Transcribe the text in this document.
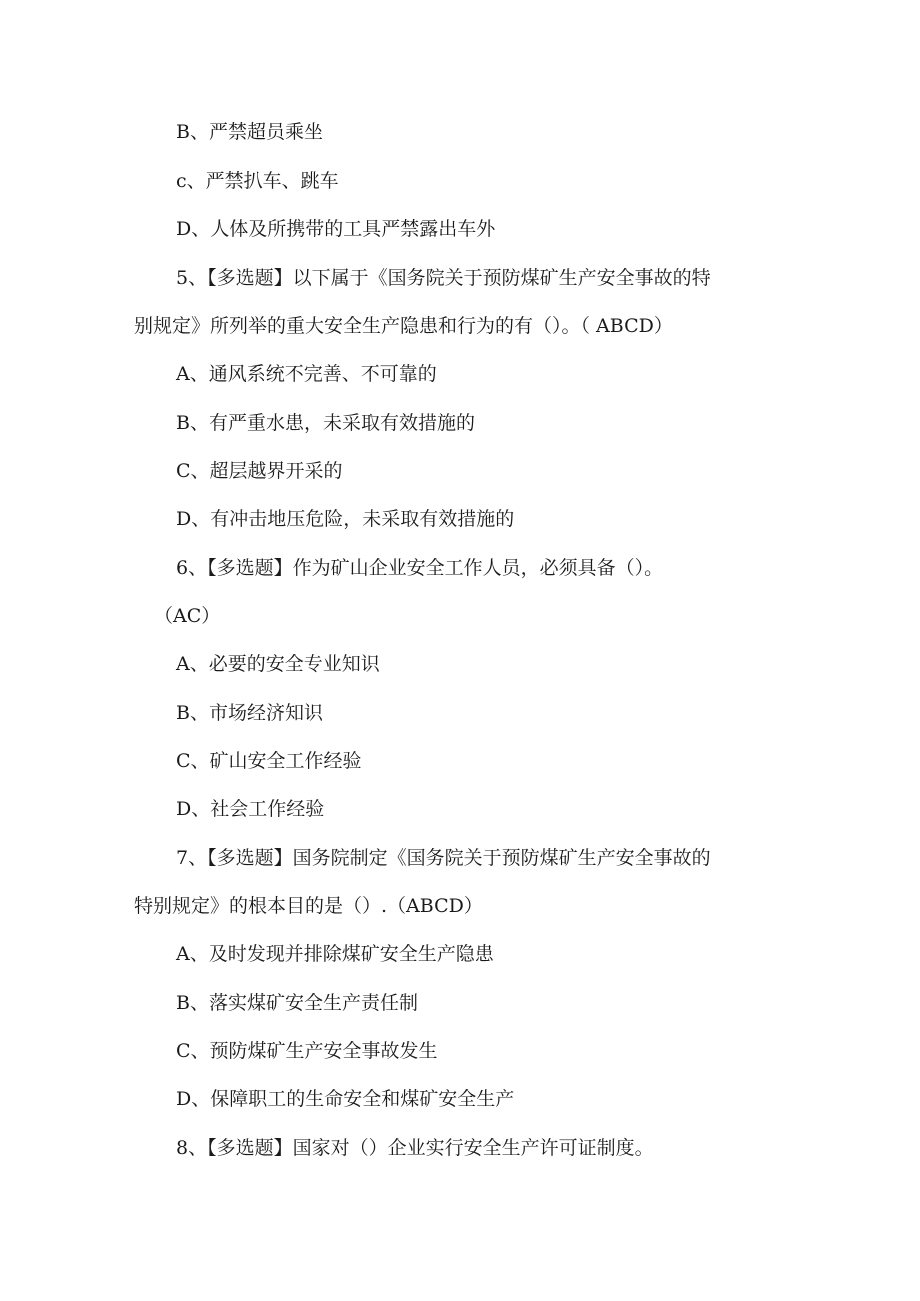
B、严禁超员乘坐
c、严禁扒车、跳车
D、人体及所携带的工具严禁露出车外
5、【多选题】以下属于《国务院关于预防煤矿生产安全事故的特
别规定》所列举的重大安全生产隐患和行为的有（）。（ ABCD）
A、通风系统不完善、不可靠的
B、有严重水患，未采取有效措施的
C、超层越界开采的
D、有冲击地压危险，未采取有效措施的
6、【多选题】作为矿山企业安全工作人员，必须具备（）。
（AC）
A、必要的安全专业知识
B、市场经济知识
C、矿山安全工作经验
D、社会工作经验
7、【多选题】国务院制定《国务院关于预防煤矿生产安全事故的
特别规定》的根本目的是（）.（ABCD）
A、及时发现并排除煤矿安全生产隐患
B、落实煤矿安全生产责任制
C、预防煤矿生产安全事故发生
D、保障职工的生命安全和煤矿安全生产
8、【多选题】国家对（）企业实行安全生产许可证制度。
